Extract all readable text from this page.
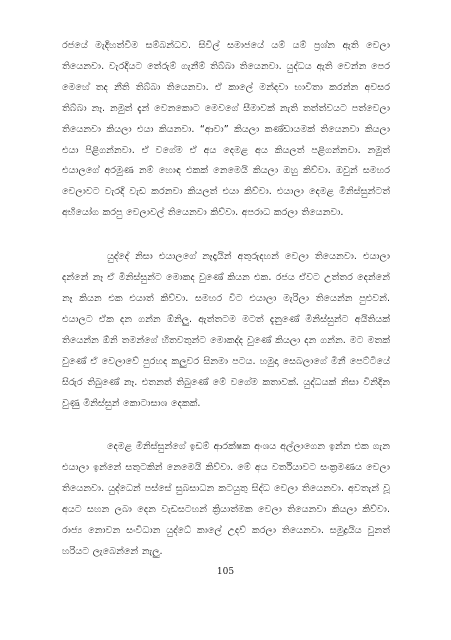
රජයේ මැදිහත්වීම සම්බන්ධව. සිවිල් සමාජයේ යම් යම් ප්‍රශ්න ඇති වෙලා තියෙනවා. වැරදියට තේරුම් ගැනීම් තිබ්බා තියෙනවා. යුද්ධය ඇති වෙන්න පෙර මෙහේ තද නීති තිබ්බා තියෙනවා. ඒ කාලේ මන්දවා භාවිතා කරන්න අවසර තිබ්බා නෑ. නමුත් දැන් වෙනකොට මෙවගේ සීමාවක් නැති තත්ත්වයට පත්වෙලා තියෙනවා කියලා එයා කියනවා. “ආවා” කියලා කණ්ඩායමක් තියෙනවා කියලා එයා පිළිගන්නවා. ඒ වගේම ඒ අය දෙමළ අය කියලත් පළිගන්නවා. නමුත් එයාලගේ අරමුණ නම් හොඳ එකක් නෙමෙයි කියලා ඔහු කිව්වා. ඔවුන් සමහර වෙලාවට වැරදි වැඩ කරනවා කියලත් එයා කිව්වා. එයාලා දෙමළ මිනිස්සුන්ටත් අභියෝග කරපු වෙලාවල් තියෙනවා කිව්වා. අපරාධ කරලා තියෙනවා.

යුද්දේ නිසා එයාලගේ නෑදෑයින් අතුරුදහන් වෙලා තියෙනවා. එයාලා දන්නේ නෑ ඒ මිනිස්සුන්ට මොකද වුණේ කියන එක. රජය ඒවට උත්තර දෙන්නේ නෑ කියන එක එයාත් කිව්වා. සමහර විට එයාලා මැරිලා තියෙන්න පුළුවන්. එයාලට ඒක දන ගන්න ඕනිලු. ඇත්තටම මටත් දැනුණේ මිනිස්සුන්ට අයිතියක් තියෙන්න ඕනි තමන්ගේ හිතවතුන්ට මොකද්ද වුණේ කියලා දන ගන්න. මට මතක් වුණේ ඒ වෙලාවේ පුරහද කලුවර සිනමා පටය. හමුදා සෙබලාගේ මිනී පෙට්ටියේ සිරුර තිබුණේ නෑ. එතනත් තිබුණේ මේ වගේම කතාවක්. යුද්ධයක් නිසා විනිදින වුණු මිනිස්සුන් කොටාසාශ දෙකක්.

දෙමළ මිනිස්සුන්ගේ ඉඩම් ආරක්ෂක අංශය අල්ලාගෙන ඉන්න එක ගැන එයාලා ඉන්නේ සතුටකින් නෙමෙයි කිව්වා. මේ අය වර්තියාවට සංක්‍රමණය වෙලා තියෙනවා. යුද්ධෙන් පස්සේ සුබසාධන කටයුතු සිද්ධ වෙලා තියෙනවා. අවතැන් වූ අයට සහන ලබා දෙන වැඩසටහන් ක්‍රියාත්මක වෙලා තියෙනවා කියලා කිව්වා. රාජ්‍ය නොවන සංවිධාන යුද්ධේ කාලේ උදව් කරලා තියෙනවා. සමුද්‍රයිය වුනත් හරියට ලැබෙන්නේ නැලු.

105
